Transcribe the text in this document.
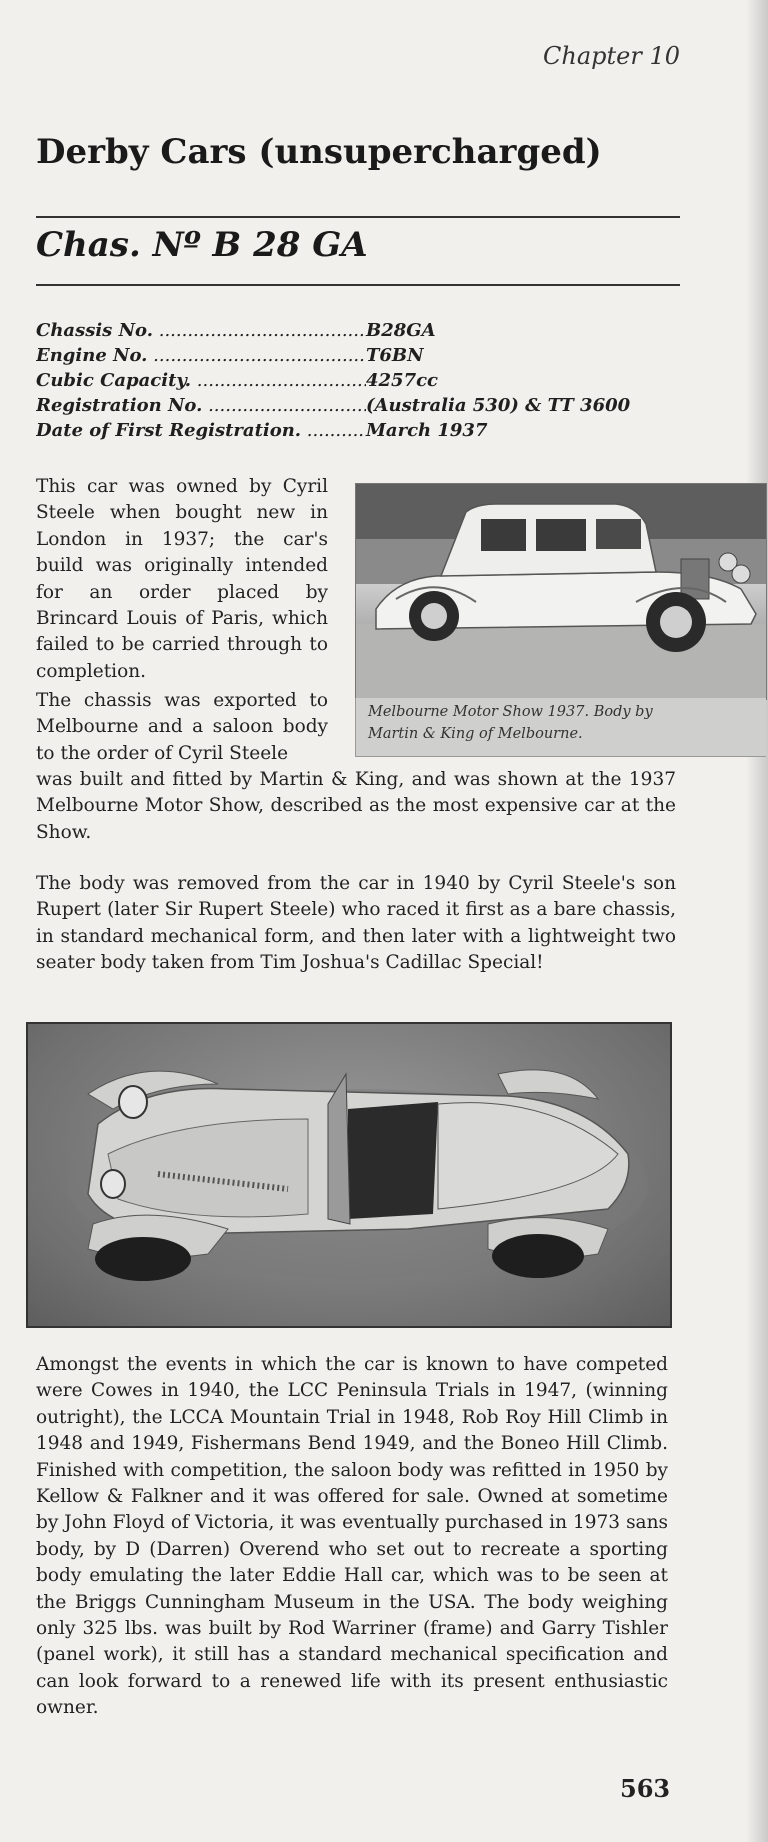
Chapter 10
Derby Cars (unsupercharged)
Chas. Nº B 28 GA
Chassis No. .....	B28GA
Engine No. .....	T6BN
Cubic Capacity. .....	4257cc
Registration No. .....	(Australia 530) & TT 3600
Date of First Registration. .....	March 1937

This car was owned by Cyril Steele when bought new in London in 1937; the car's build was originally intended for an order placed by Brincard Louis of Paris, which failed to be carried through to completion.

Melbourne Motor Show 1937. Body by Martin & King of Melbourne.

The chassis was exported to Melbourne and a saloon body to the order of Cyril Steele

was built and fitted by Martin & King, and was shown at the 1937 Melbourne Motor Show, described as the most expensive car at the Show.

The body was removed from the car in 1940 by Cyril Steele's son Rupert (later Sir Rupert Steele) who raced it first as a bare chassis, in standard mechanical form, and then later with a lightweight two seater body taken from Tim Joshua's Cadillac Special!

Amongst the events in which the car is known to have competed were Cowes in 1940, the LCC Peninsula Trials in 1947, (winning outright), the LCCA Mountain Trial in 1948, Rob Roy Hill Climb in 1948 and 1949, Fishermans Bend 1949, and the Boneo Hill Climb. Finished with competition, the saloon body was refitted in 1950 by Kellow & Falkner and it was offered for sale. Owned at sometime by John Floyd of Victoria, it was eventually purchased in 1973 sans body, by D (Darren) Overend who set out to recreate a sporting body emulating the later Eddie Hall car, which was to be seen at the Briggs Cunningham Museum in the USA. The body weighing only 325 lbs. was built by Rod Warriner (frame) and Garry Tishler (panel work), it still has a standard mechanical specification and can look forward to a renewed life with its present enthusiastic owner.

563
